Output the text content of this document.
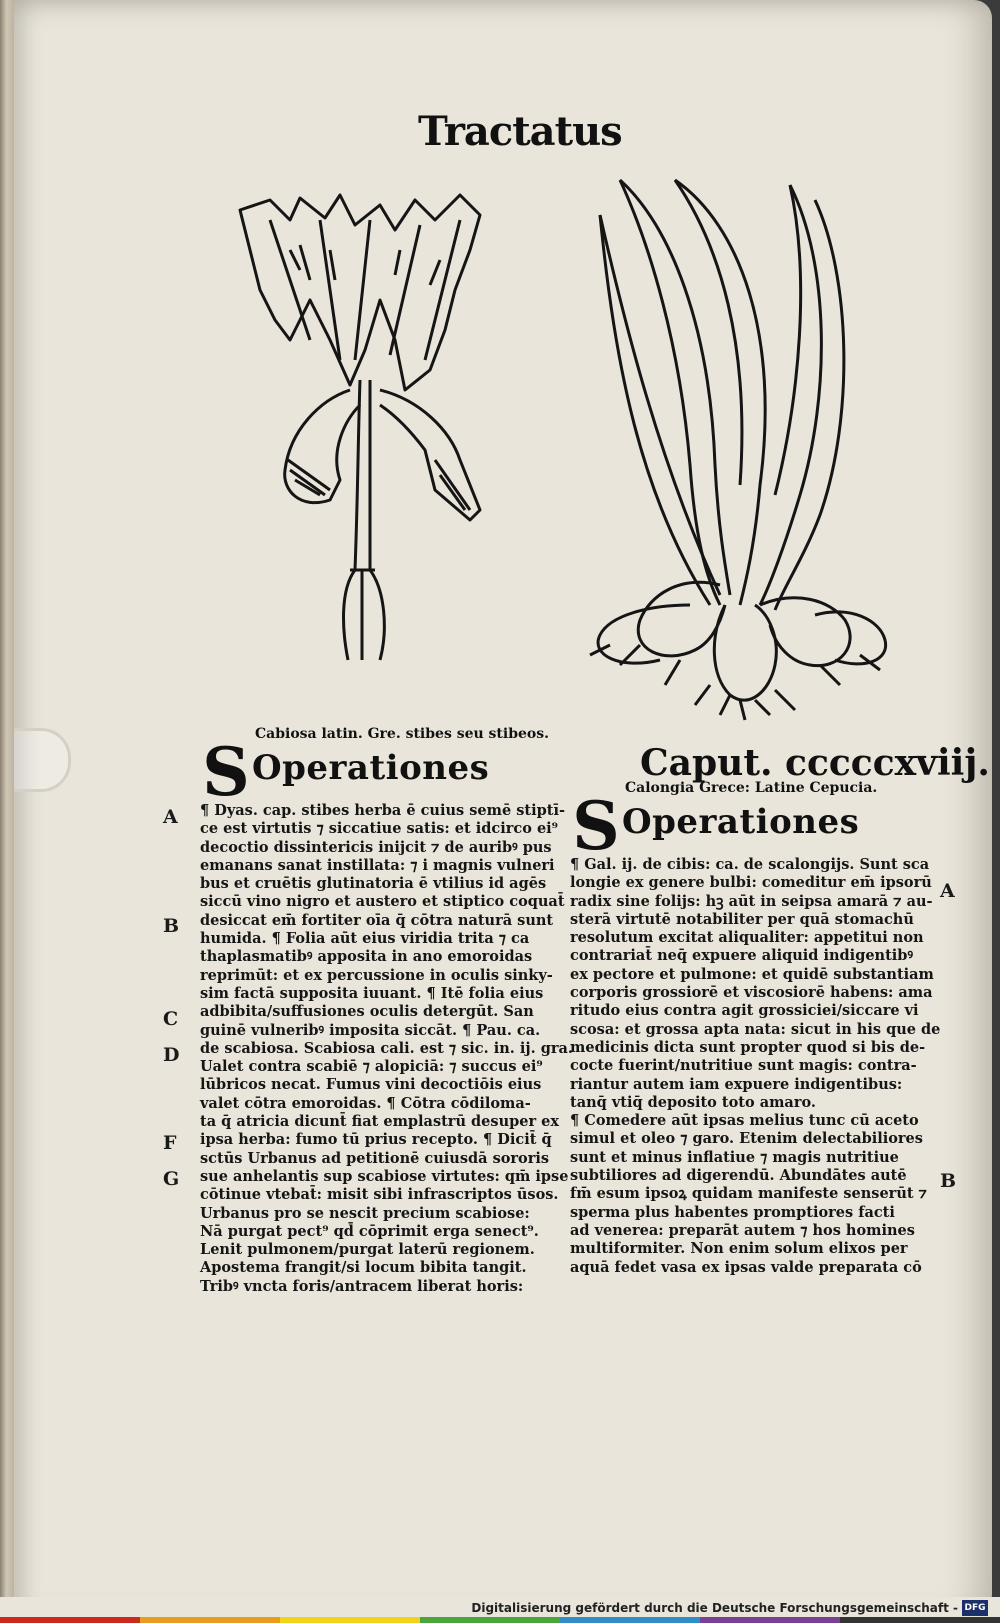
Tractatus
Cabiosa latin. Gre. stibes seu stibeos.
S Operationes
¶ Dyas. cap. stibes herba ē cuius semē stiptī-
ce est virtutis ⁊ siccatiue satis: et idcirco ei⁹
decoctio dissintericis inijcit ⁊ de auribꝰ pus
emanans sanat instillata: ⁊ i magnis vulneri
bus et cruētis glutinatoria ē vtilius id agēs
siccū vino nigro et austero et stiptico coquat̄
desiccat em̄ fortiter oīa q̄ cōtra naturā sunt
humida. ¶ Folia aūt eius viridia trita ⁊ ca
thaplasmatibꝰ apposita in ano emoroidas
reprimūt: et ex percussione in oculis sinky-
sim factā supposita iuuant. ¶ Itē folia eius
adbibita/suffusiones oculis detergūt. San
guinē vulneribꝰ imposita siccāt. ¶ Pau. ca.
de scabiosa. Scabiosa cali. est ⁊ sic. in. ij. gra.
Ualet contra scabiē ⁊ alopiciā: ⁊ succus ei⁹
lūbricos necat. Fumus vini decoctiōis eius
valet cōtra emoroidas. ¶ Cōtra cōdiloma-
ta q̄ atricia dicunt̄ fiat emplastrū desuper ex
ipsa herba: fumo tū prius recepto. ¶ Dicit̄ q̄
sctūs Urbanus ad petitionē cuiusdā sororis
sue anhelantis sup scabiose virtutes: qm̄ ipse
cōtinue vtebat̄: misit sibi infrascriptos ūsos.
Urbanus pro se nescit precium scabiose:
Nā purgat pect⁹ qd̄ cōprimit erga senect⁹.
Lenit pulmonem/purgat laterū regionem.
Apostema frangit/si locum bibita tangit.
Tribꝰ vncta foris/antracem liberat horis:
Caput. cccccxviij.
Calongia Grece: Latine Cepucia.
S Operationes
¶ Gal. ij. de cibis: ca. de scalongijs. Sunt sca
longie ex genere bulbi: comeditur em̄ ipsorū
radix sine folijs: hꝫ aūt in seipsa amarā ⁊ au-
sterā virtutē notabiliter per quā stomachū
resolutum excitat aliqualiter: appetitui non
contrariat̄ neq̄ expuere aliquid indigentibꝰ
ex pectore et pulmone: et quidē substantiam
corporis grossiorē et viscosiorē habens: ama
ritudo eius contra agit grossiciei/siccare vi
scosa: et grossa apta nata: sicut in his que de
medicinis dicta sunt propter quod si bis de-
cocte fuerint/nutritiue sunt magis: contra-
riantur autem iam expuere indigentibus:
tanq̄ vtiq̄ deposito toto amaro.
¶ Comedere aūt ipsas melius tunc cū aceto
simul et oleo ⁊ garo. Etenim delectabiliores
sunt et minus inflatiue ⁊ magis nutritiue
subtiliores ad digerendū. Abundātes autē
fm̄ esum ipsoꝝ quidam manifeste senserūt ⁊
sperma plus habentes promptiores facti
ad venerea: preparāt autem ⁊ hos homines
multiformiter. Non enim solum elixos per
aquā fedet vasa ex ipsas valde preparata cō
A
B
C
D
F
G
A
B
Digitalisierung gefördert durch die Deutsche Forschungsgemeinschaft - DFG
